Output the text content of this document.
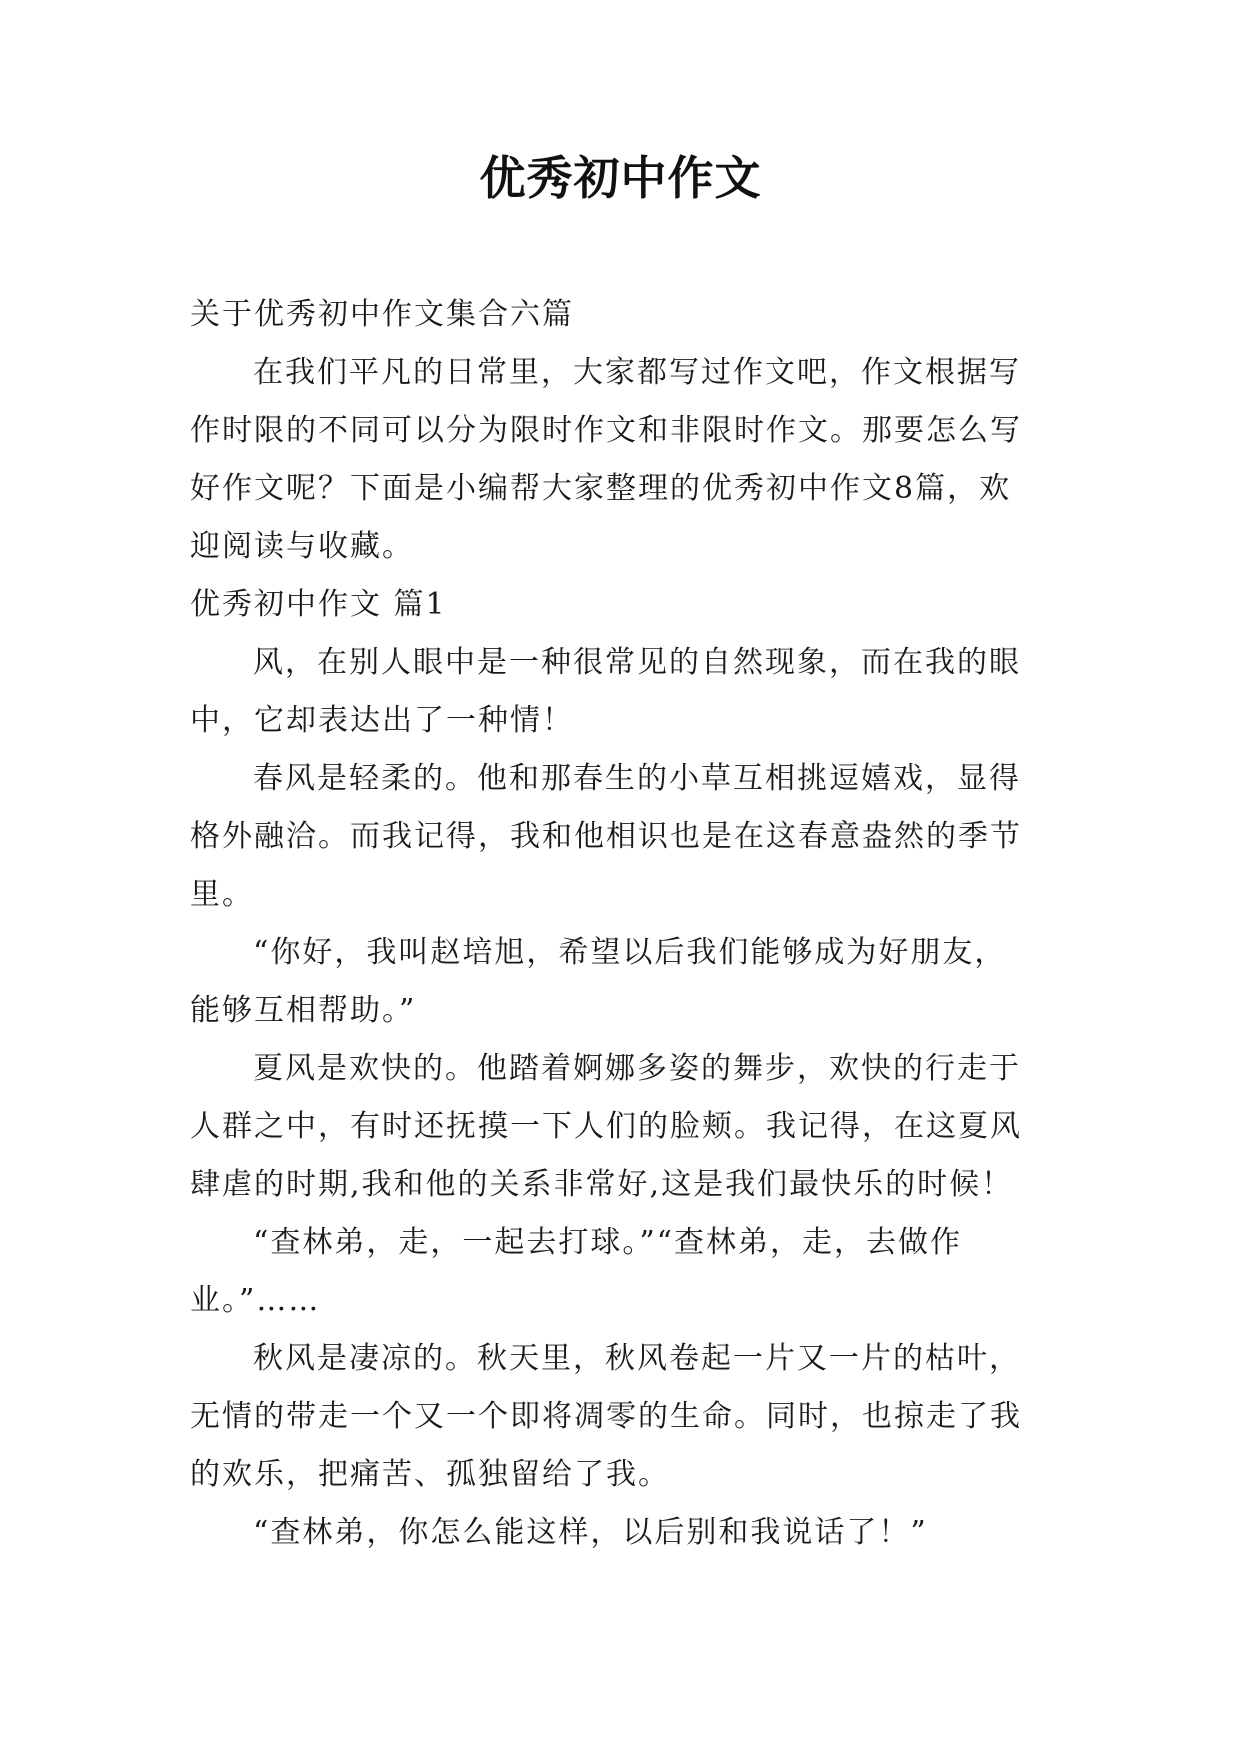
优秀初中作文

关于优秀初中作文集合六篇

在我们平凡的日常里，大家都写过作文吧，作文根据写

作时限的不同可以分为限时作文和非限时作文。那要怎么写

好作文呢？下面是小编帮大家整理的优秀初中作文8篇，欢

迎阅读与收藏。

优秀初中作文 篇1

风，在别人眼中是一种很常见的自然现象，而在我的眼

中，它却表达出了一种情！

春风是轻柔的。他和那春生的小草互相挑逗嬉戏，显得

格外融洽。而我记得，我和他相识也是在这春意盎然的季节

里。

“你好，我叫赵培旭，希望以后我们能够成为好朋友，

能够互相帮助。”

夏风是欢快的。他踏着婀娜多姿的舞步，欢快的行走于

人群之中，有时还抚摸一下人们的脸颊。我记得，在这夏风

肆虐的时期,我和他的关系非常好,这是我们最快乐的时候！

“查林弟，走，一起去打球。”“查林弟，走，去做作

业。”……

秋风是凄凉的。秋天里，秋风卷起一片又一片的枯叶，

无情的带走一个又一个即将凋零的生命。同时，也掠走了我

的欢乐，把痛苦、孤独留给了我。

“查林弟，你怎么能这样，以后别和我说话了！”
